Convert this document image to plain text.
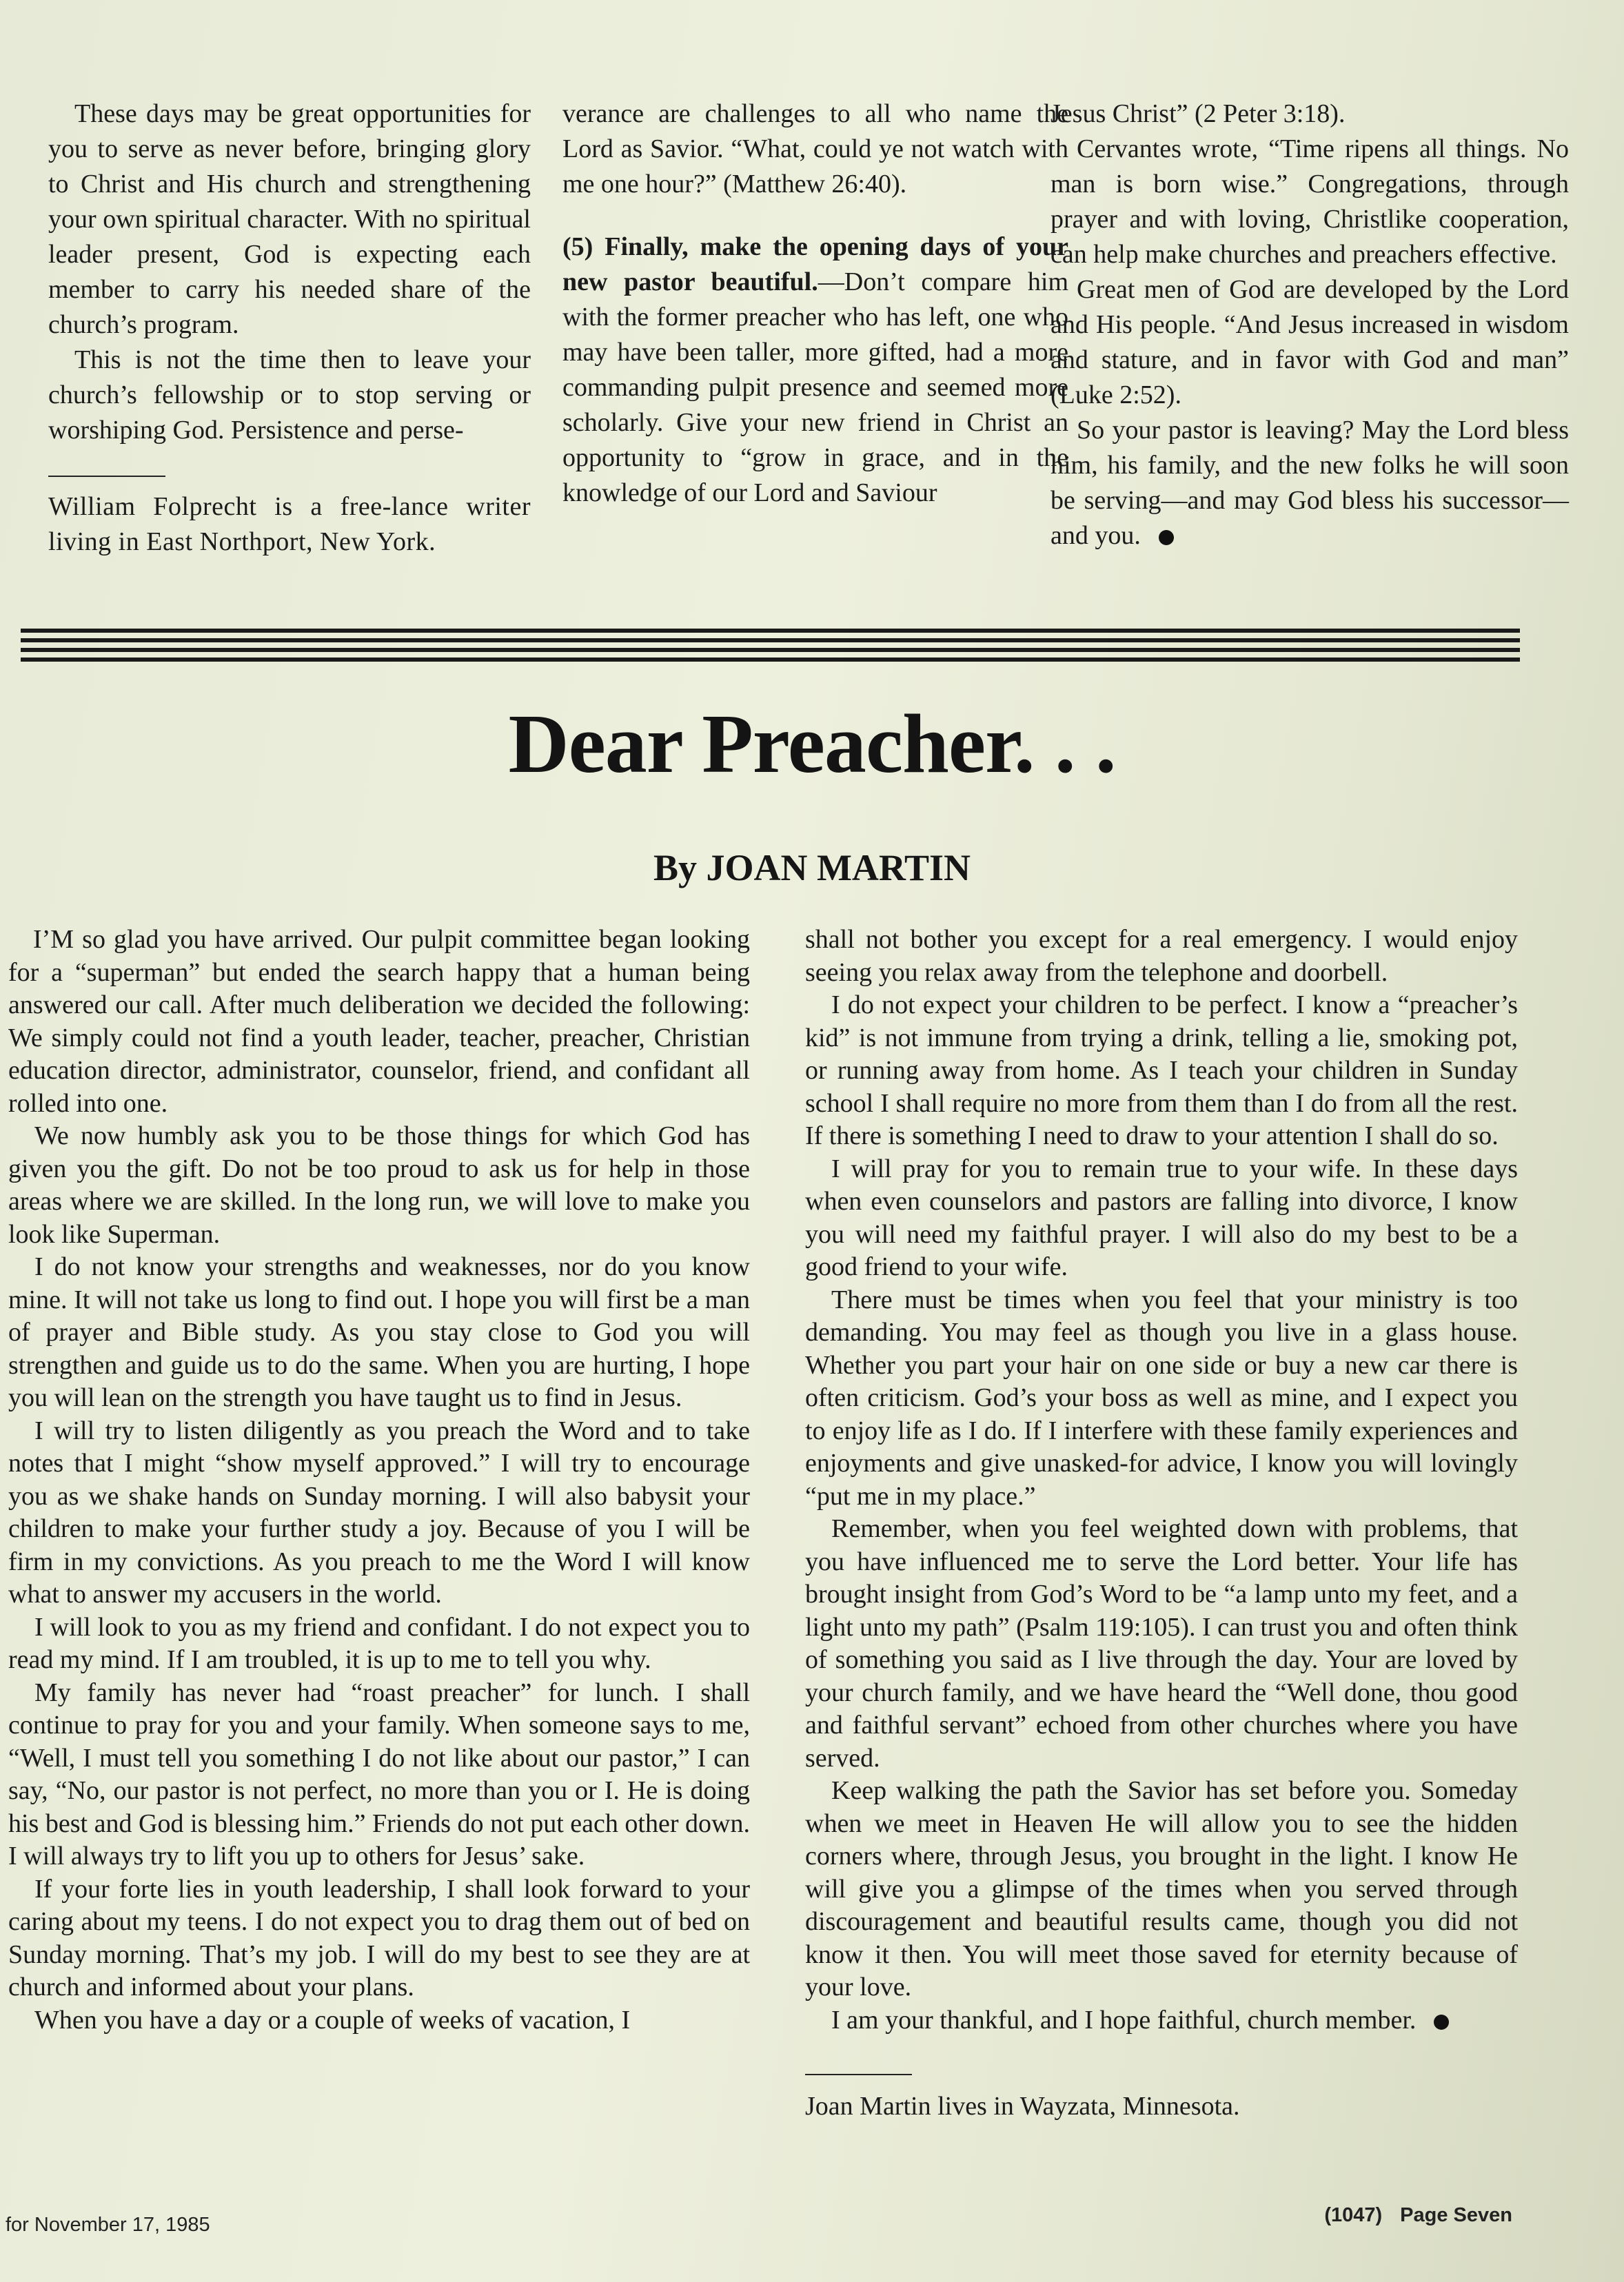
These days may be great opportunities for you to serve as never before, bringing glory to Christ and His church and strengthening your own spiritual character. With no spiritual leader present, God is expecting each member to carry his needed share of the church’s program.

This is not the time then to leave your church’s fellowship or to stop serving or worshiping God. Persistence and perse-

William Folprecht is a free-lance writer living in East Northport, New York.

verance are challenges to all who name the Lord as Savior. “What, could ye not watch with me one hour?” (Matthew 26:40).

(5) Finally, make the opening days of your new pastor beautiful.—Don’t compare him with the former preacher who has left, one who may have been taller, more gifted, had a more commanding pulpit presence and seemed more scholarly. Give your new friend in Christ an opportunity to “grow in grace, and in the knowledge of our Lord and Saviour

Jesus Christ” (2 Peter 3:18).

Cervantes wrote, “Time ripens all things. No man is born wise.” Congregations, through prayer and with loving, Christlike cooperation, can help make churches and preachers effective.

Great men of God are developed by the Lord and His people. “And Jesus increased in wisdom and stature, and in favor with God and man” (Luke 2:52).

So your pastor is leaving? May the Lord bless him, his family, and the new folks he will soon be serving—and may God bless his successor—and you.

Dear Preacher. . .
By JOAN MARTIN

I’M so glad you have arrived. Our pulpit committee began looking for a “superman” but ended the search happy that a human being answered our call. After much deliberation we decided the following: We simply could not find a youth leader, teacher, preacher, Christian education director, administrator, counselor, friend, and confidant all rolled into one.

We now humbly ask you to be those things for which God has given you the gift. Do not be too proud to ask us for help in those areas where we are skilled. In the long run, we will love to make you look like Superman.

I do not know your strengths and weaknesses, nor do you know mine. It will not take us long to find out. I hope you will first be a man of prayer and Bible study. As you stay close to God you will strengthen and guide us to do the same. When you are hurting, I hope you will lean on the strength you have taught us to find in Jesus.

I will try to listen diligently as you preach the Word and to take notes that I might “show myself approved.” I will try to encourage you as we shake hands on Sunday morning. I will also babysit your children to make your further study a joy. Because of you I will be firm in my convictions. As you preach to me the Word I will know what to answer my accusers in the world.

I will look to you as my friend and confidant. I do not expect you to read my mind. If I am troubled, it is up to me to tell you why.

My family has never had “roast preacher” for lunch. I shall continue to pray for you and your family. When someone says to me, “Well, I must tell you something I do not like about our pastor,” I can say, “No, our pastor is not perfect, no more than you or I. He is doing his best and God is blessing him.” Friends do not put each other down. I will always try to lift you up to others for Jesus’ sake.

If your forte lies in youth leadership, I shall look forward to your caring about my teens. I do not expect you to drag them out of bed on Sunday morning. That’s my job. I will do my best to see they are at church and informed about your plans.

When you have a day or a couple of weeks of vacation, I

shall not bother you except for a real emergency. I would enjoy seeing you relax away from the telephone and doorbell.

I do not expect your children to be perfect. I know a “preacher’s kid” is not immune from trying a drink, telling a lie, smoking pot, or running away from home. As I teach your children in Sunday school I shall require no more from them than I do from all the rest. If there is something I need to draw to your attention I shall do so.

I will pray for you to remain true to your wife. In these days when even counselors and pastors are falling into divorce, I know you will need my faithful prayer. I will also do my best to be a good friend to your wife.

There must be times when you feel that your ministry is too demanding. You may feel as though you live in a glass house. Whether you part your hair on one side or buy a new car there is often criticism. God’s your boss as well as mine, and I expect you to enjoy life as I do. If I interfere with these family experiences and enjoyments and give unasked-for advice, I know you will lovingly “put me in my place.”

Remember, when you feel weighted down with problems, that you have influenced me to serve the Lord better. Your life has brought insight from God’s Word to be “a lamp unto my feet, and a light unto my path” (Psalm 119:105). I can trust you and often think of something you said as I live through the day. Your are loved by your church family, and we have heard the “Well done, thou good and faithful servant” echoed from other churches where you have served.

Keep walking the path the Savior has set before you. Someday when we meet in Heaven He will allow you to see the hidden corners where, through Jesus, you brought in the light. I know He will give you a glimpse of the times when you served through discouragement and beautiful results came, though you did not know it then. You will meet those saved for eternity because of your love.

I am your thankful, and I hope faithful, church member.

Joan Martin lives in Wayzata, Minnesota.

for November 17, 1985	(1047) Page Seven
